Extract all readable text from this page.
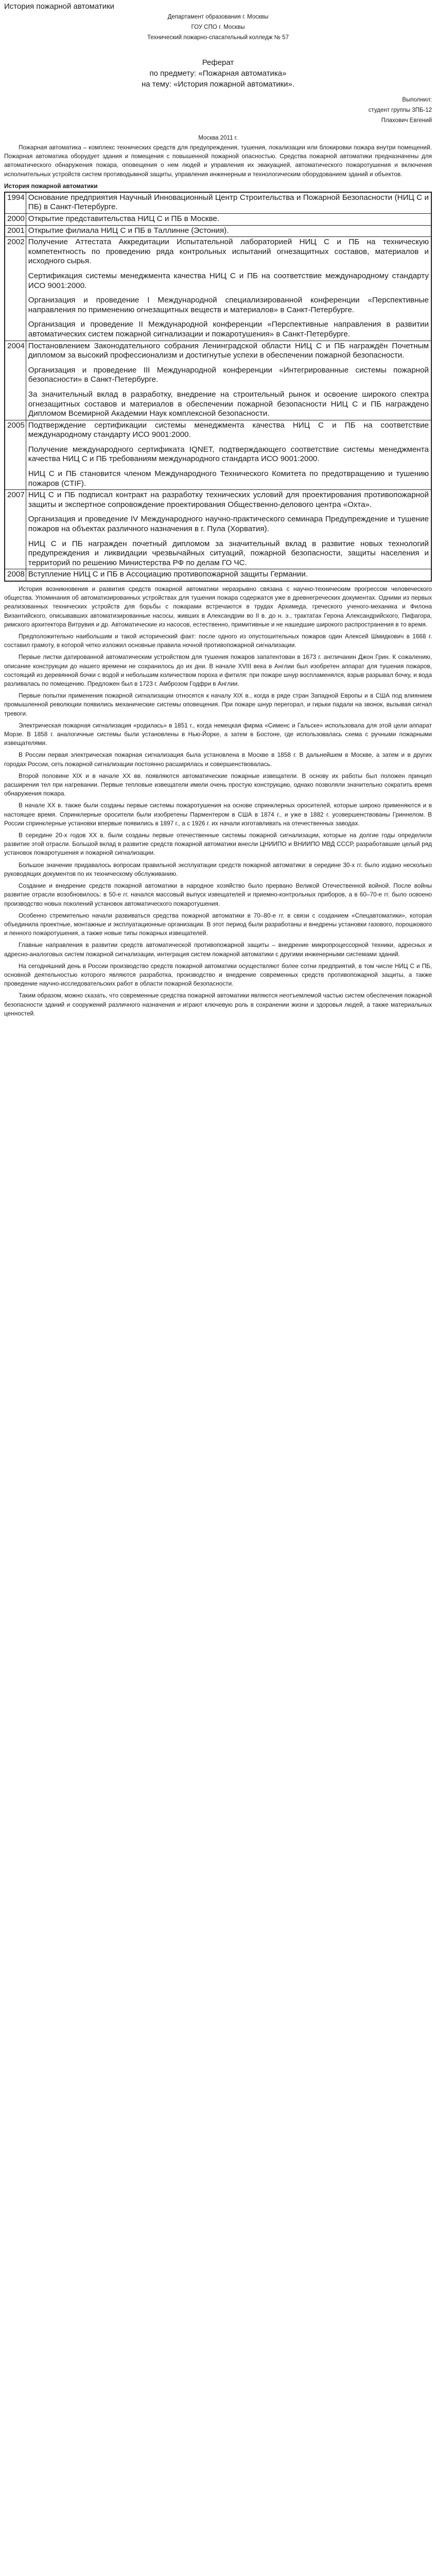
История пожарной автоматики
Департамент образования г. Москвы
ГОУ СПО г. Москвы
Технический пожарно-спасательный колледж № 57
Реферат
по предмету: «Пожарная автоматика»
на тему: «История пожарной автоматики».
Выполнил:
студент группы 3ПБ-12
Плахович Евгений
Москва 2011 г.

Пожарная автоматика – комплекс технических средств для предупреждения, тушения, локализации или блокировки пожара внутри помещений. Пожарная автоматика оборудует здания и помещения с повышенной пожарной опасностью. Средства пожарной автоматики предназначены для автоматического обнаружения пожара, оповещения о нем людей и управления их эвакуацией, автоматического пожаротушения и включения исполнительных устройств систем противодымной защиты, управления инженерным и технологическим оборудованием зданий и объектов.

История пожарной автоматики
1994	Основание предприятия Научный Инновационный Центр Строительства и Пожарной Безопасности (НИЦ С и ПБ) в Санкт-Петербурге.

2000	Открытие представительства НИЦ С и ПБ в Москве.

2001	Открытие филиала НИЦ С и ПБ в Таллинне (Эстония).

2002	Получение Аттестата Аккредитации Испытательной лабораторией НИЦ С и ПБ на техническую компетентность по проведению ряда контрольных испытаний огнезащитных составов, материалов и исходного сырья.
Сертификация системы менеджмента качества НИЦ С и ПБ на соответствие международному стандарту ИСО 9001:2000.
Организация и проведение I Международной специализированной конференции «Перспективные направления по применению огнезащитных веществ и материалов» в Санкт-Петербурге.
Организация и проведение II Международной конференции «Перспективные направления в развитии автоматических систем пожарной сигнализации и пожаротушения» в Санкт-Петербурге.

2004	Постановлением Законодательного собрания Ленинградской области НИЦ С и ПБ награждён Почетным дипломом за высокий профессионализм и достигнутые успехи в обеспечении пожарной безопасности.
Организация и проведение III Международной конференции «Интегрированные системы пожарной безопасности» в Санкт-Петербурге.
За значительный вклад в разработку, внедрение на строительный рынок и освоение широкого спектра огнезащитных составов и материалов в обеспечении пожарной безопасности НИЦ С и ПБ награждено Дипломом Всемирной Академии Наук комплексной безопасности.

2005	Подтверждение сертификации системы менеджмента качества НИЦ С и ПБ на соответствие международному стандарту ИСО 9001:2000.
Получение международного сертификата IQNET, подтверждающего соответствие системы менеджмента качества НИЦ С и ПБ требованиям международного стандарта ИСО 9001:2000.
НИЦ С и ПБ становится членом Международного Технического Комитета по предотвращению и тушению пожаров (CTIF).

2007	НИЦ С и ПБ подписал контракт на разработку технических условий для проектирования противопожарной защиты и экспертное сопровождение проектирования Общественно-делового центра «Охта».
Организация и проведение IV Международного научно-практического семинара Предупреждение и тушение пожаров на объектах различного назначения в г. Пула (Хорватия).
НИЦ С и ПБ награжден почетный дипломом за значительный вклад в развитие новых технологий предупреждения и ликвидации чрезвычайных ситуаций, пожарной безопасности, защиты населения и территорий по решению Министерства РФ по делам ГО ЧС.

2008	Вступление НИЦ С и ПБ в Ассоциацию противопожарной защиты Германии.

История возникновения и развития средств пожарной автоматики неразрывно связана с научно-техническим прогрессом человеческого общества. Упоминания об автоматизированных устройствах для тушения пожара содержатся уже в древнегреческих документах. Одними из первых реализованных технических устройств для борьбы с пожарами встречаются в трудах Архимеда, греческого ученого-механика и Филона Византийского, описывавших автоматизированные насосы, живших в Александрии во II в. до н. э., трактатах Герона Александрийского, Пифагора, римского архитектора Витрувия и др. Автоматические из насосов, естественно, примитивные и не нашедшие широкого распространения в то время.

Предположительно наибольшим и такой исторический факт: после одного из опустошительных пожаров один Алексей Шмидкович в 1668 г. составил грамоту, в которой четко изложил основные правила ночной противопожарной сигнализации.

Первые листки датированной автоматическим устройством для тушения пожаров запатентован в 1673 г. англичанин Джон Грин. К сожалению, описание конструкции до нашего времени не сохранилось до их дни. В начале XVIII века в Англии был изобретен аппарат для тушения пожаров, состоящий из деревянной бочки с водой и небольшим количеством пороха и фитиля: при пожаре шнур воспламенялся, взрыв разрывал бочку, и вода разливалась по помещению. Предложен был в 1723 г. Амброзом Годфри в Англии.

Первые попытки применения пожарной сигнализации относятся к началу XIX в., когда в ряде стран Западной Европы и в США под влиянием промышленной революции появились механические системы оповещения. При пожаре шнур перегорал, и гирьки падали на звонок, вызывая сигнал тревоги.

Электрическая пожарная сигнализация «родилась» в 1851 г., когда немецкая фирма «Сименс и Гальске» использовала для этой цели аппарат Морзе. В 1858 г. аналогичные системы были установлены в Нью-Йорке, а затем в Бостоне, где использовалась схема с ручными пожарными извещателями.

В России первая электрическая пожарная сигнализация была установлена в Москве в 1858 г. В дальнейшем в Москве, а затем и в других городах России, сеть пожарной сигнализации постоянно расширялась и совершенствовалась.

Второй половине XIX и в начале XX вв. появляются автоматические пожарные извещатели. В основу их работы был положен принцип расширения тел при нагревании. Первые тепловые извещатели имели очень простую конструкцию, однако позволяли значительно сократить время обнаружения пожара.

В начале XX в. также были созданы первые системы пожаротушения на основе спринклерных оросителей, которые широко применяются и в настоящее время. Спринклерные оросители были изобретены Парментером в США в 1874 г., и уже в 1882 г. усовершенствованы Гриннелом. В России спринклерные установки впервые появились в 1897 г., а с 1926 г. их начали изготавливать на отечественных заводах.

В середине 20-х годов XX в. были созданы первые отечественные системы пожарной сигнализации, которые на долгие годы определили развитие этой отрасли. Большой вклад в развитие средств пожарной автоматики внесли ЦНИИПО и ВНИИПО МВД СССР, разработавшие целый ряд установок пожаротушения и пожарной сигнализации.

Большое значение придавалось вопросам правильной эксплуатации средств пожарной автоматики: в середине 30-х гг. было издано несколько руководящих документов по их техническому обслуживанию.

Создание и внедрение средств пожарной автоматики в народное хозяйство было прервано Великой Отечественной войной. После войны развитие отрасли возобновилось: в 50-е гг. начался массовый выпуск извещателей и приемно-контрольных приборов, а в 60–70-е гг. было освоено производство новых поколений установок автоматического пожаротушения.

Особенно стремительно начали развиваться средства пожарной автоматики в 70–80-е гг. в связи с созданием «Спецавтоматики», которая объединила проектные, монтажные и эксплуатационные организации. В этот период были разработаны и внедрены установки газового, порошкового и пенного пожаротушения, а также новые типы пожарных извещателей.

Главные направления в развитии средств автоматической противопожарной защиты – внедрение микропроцессорной техники, адресных и адресно-аналоговых систем пожарной сигнализации, интеграция систем пожарной автоматики с другими инженерными системами зданий.

На сегодняшний день в России производство средств пожарной автоматики осуществляют более сотни предприятий, в том числе НИЦ С и ПБ, основной деятельностью которого являются разработка, производство и внедрение современных средств противопожарной защиты, а также проведение научно-исследовательских работ в области пожарной безопасности.

Таким образом, можно сказать, что современные средства пожарной автоматики являются неотъемлемой частью систем обеспечения пожарной безопасности зданий и сооружений различного назначения и играют ключевую роль в сохранении жизни и здоровья людей, а также материальных ценностей.
